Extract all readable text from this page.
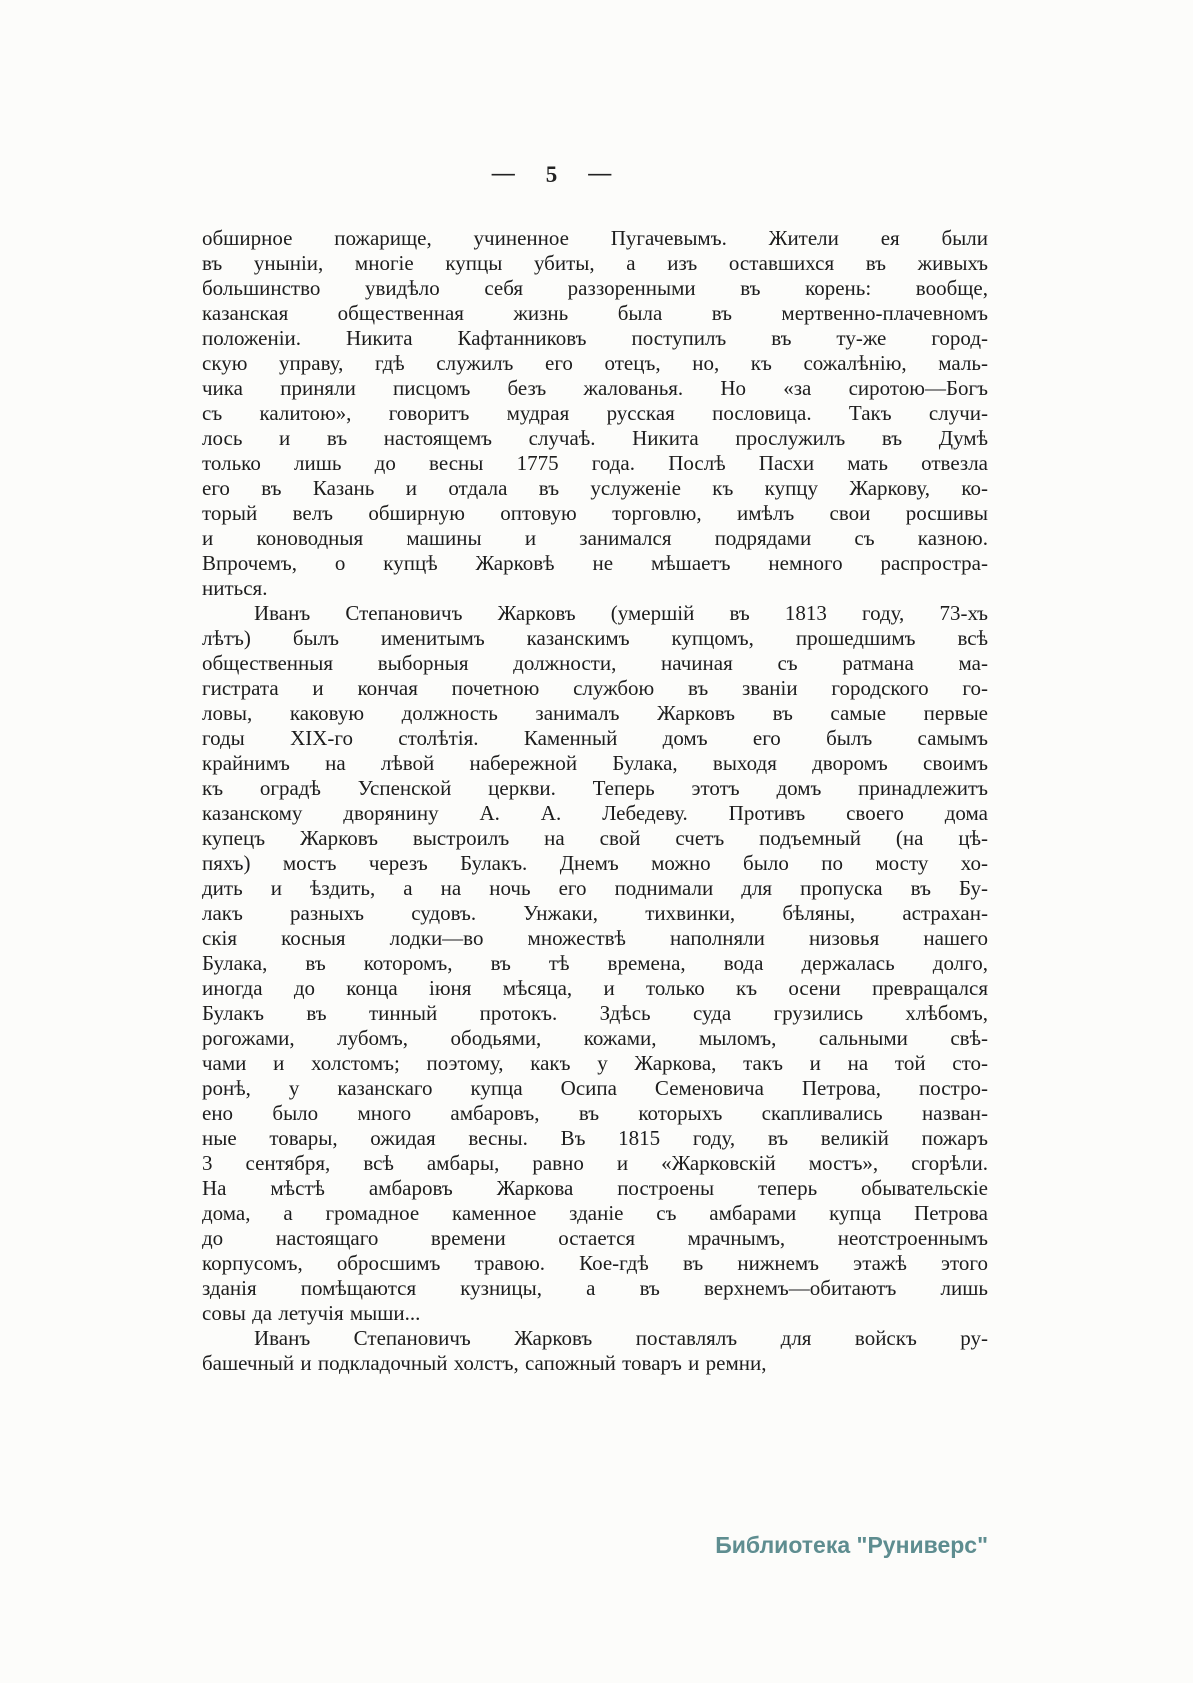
— 5 —
обширное пожарище, учиненное Пугачевымъ. Жители ея были
въ уныніи, многіе купцы убиты, а изъ оставшихся въ живыхъ
большинство увидѣло себя раззоренными въ корень: вообще,
казанская общественная жизнь была въ мертвенно-плачевномъ
положеніи. Никита Кафтанниковъ поступилъ въ ту-же город-
скую управу, гдѣ служилъ его отецъ, но, къ сожалѣнію, маль-
чика приняли писцомъ безъ жалованья. Но «за сиротою—Богъ
съ калитою», говоритъ мудрая русская пословица. Такъ случи-
лось и въ настоящемъ случаѣ. Никита прослужилъ въ Думѣ
только лишь до весны 1775 года. Послѣ Пасхи мать отвезла
его въ Казань и отдала въ услуженіе къ купцу Жаркову, ко-
торый велъ обширную оптовую торговлю, имѣлъ свои росшивы
и коноводныя машины и занимался подрядами съ казною.
Впрочемъ, о купцѣ Жарковѣ не мѣшаетъ немного распростра-
ниться.
Иванъ Степановичъ Жарковъ (умершій въ 1813 году, 73-хъ
лѣтъ) былъ именитымъ казанскимъ купцомъ, прошедшимъ всѣ
общественныя выборныя должности, начиная съ ратмана ма-
гистрата и кончая почетною службою въ званіи городского го-
ловы, каковую должность занималъ Жарковъ въ самые первые
годы XIX-го столѣтія. Каменный домъ его былъ самымъ
крайнимъ на лѣвой набережной Булака, выходя дворомъ своимъ
къ оградѣ Успенской церкви. Теперь этотъ домъ принадлежитъ
казанскому дворянину А. А. Лебедеву. Противъ своего дома
купецъ Жарковъ выстроилъ на свой счетъ подъемный (на цѣ-
пяхъ) мостъ черезъ Булакъ. Днемъ можно было по мосту хо-
дить и ѣздить, а на ночь его поднимали для пропуска въ Бу-
лакъ разныхъ судовъ. Унжаки, тихвинки, бѣляны, астрахан-
скія косныя лодки—во множествѣ наполняли низовья нашего
Булака, въ которомъ, въ тѣ времена, вода держалась долго,
иногда до конца іюня мѣсяца, и только къ осени превращался
Булакъ въ тинный протокъ. Здѣсь суда грузились хлѣбомъ,
рогожами, лубомъ, ободьями, кожами, мыломъ, сальными свѣ-
чами и холстомъ; поэтому, какъ у Жаркова, такъ и на той сто-
ронѣ, у казанскаго купца Осипа Семеновича Петрова, постро-
ено было много амбаровъ, въ которыхъ скапливались назван-
ные товары, ожидая весны. Въ 1815 году, въ великій пожаръ
3 сентября, всѣ амбары, равно и «Жарковскій мостъ», сгорѣли.
На мѣстѣ амбаровъ Жаркова построены теперь обывательскіе
дома, а громадное каменное зданіе съ амбарами купца Петрова
до настоящаго времени остается мрачнымъ, неотстроеннымъ
корпусомъ, обросшимъ травою. Кое-гдѣ въ нижнемъ этажѣ этого
зданія помѣщаются кузницы, а въ верхнемъ—обитаютъ лишь
совы да летучія мыши...
Иванъ Степановичъ Жарковъ поставлялъ для войскъ ру-
башечный и подкладочный холстъ, сапожный товаръ и ремни,
Библиотека "Руниверс"
